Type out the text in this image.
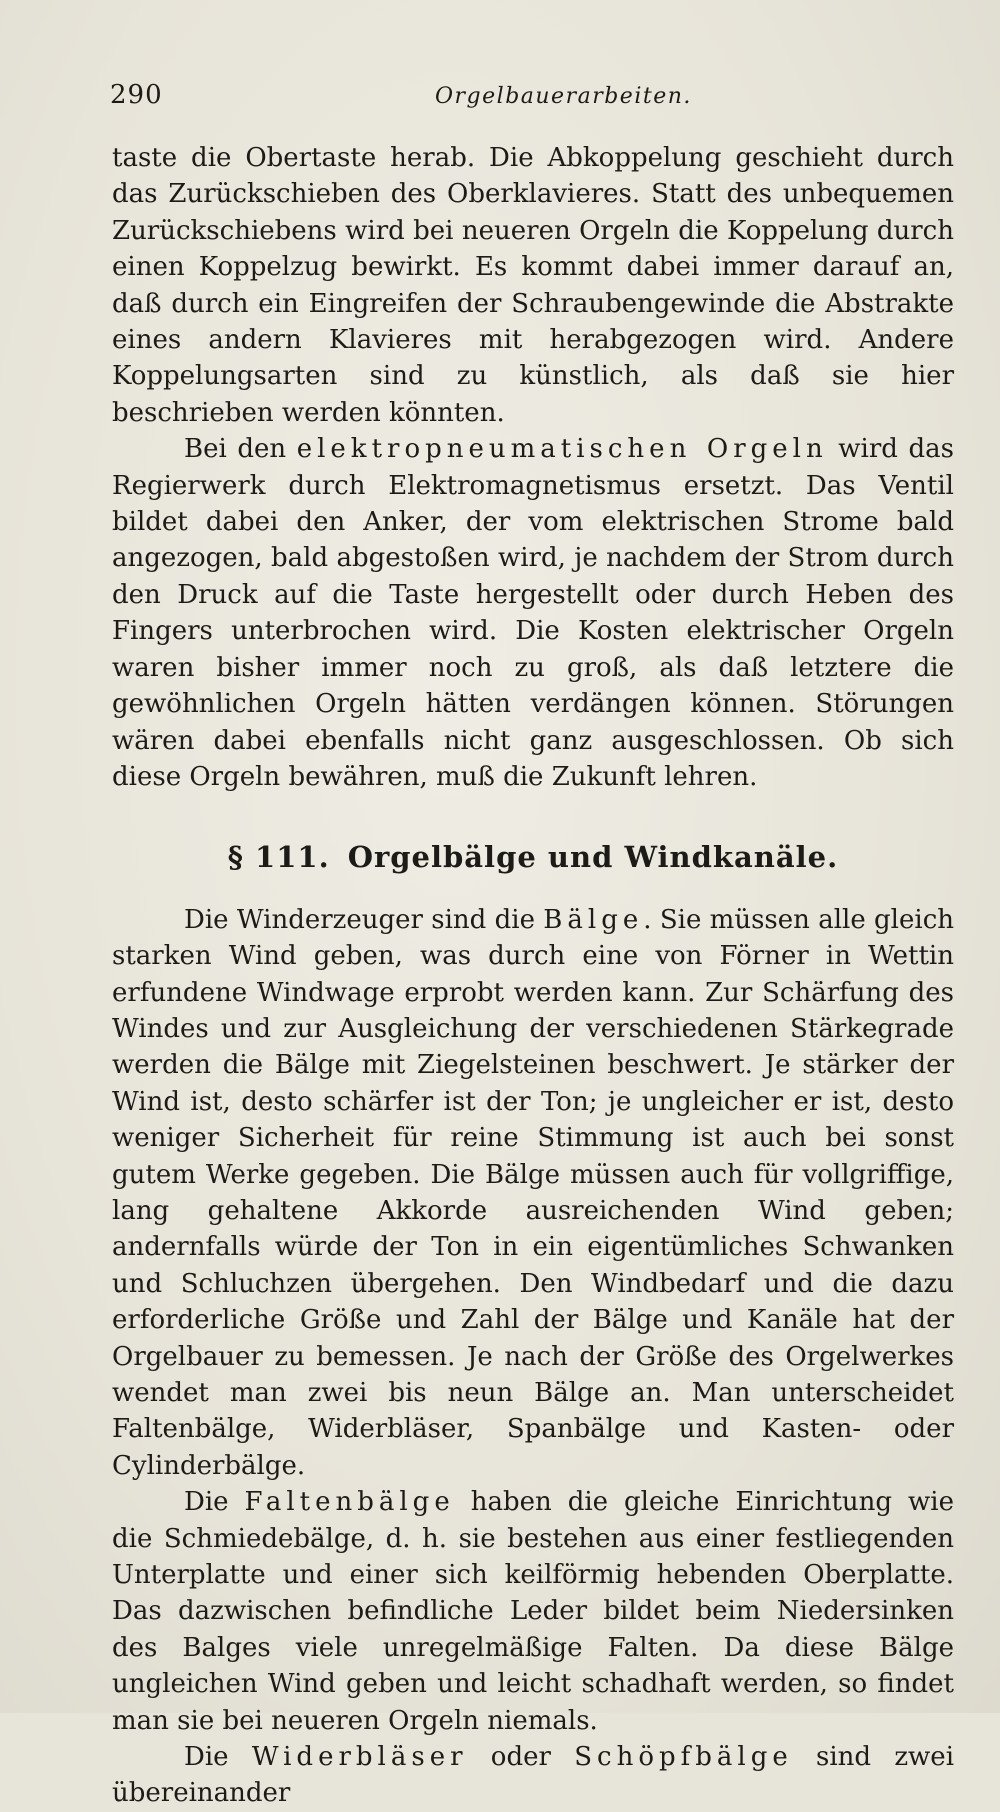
290	Orgelbauerarbeiten.

taste die Obertaste herab. Die Abkoppelung geschieht durch das Zurückschieben des Oberklavieres. Statt des unbequemen Zurückschiebens wird bei neueren Orgeln die Koppelung durch einen Koppelzug bewirkt. Es kommt dabei immer darauf an, daß durch ein Eingreifen der Schraubengewinde die Abstrakte eines andern Klavieres mit herabgezogen wird. Andere Koppelungsarten sind zu künstlich, als daß sie hier beschrieben werden könnten.

Bei den elektropneumatischen Orgeln wird das Regierwerk durch Elektromagnetismus ersetzt. Das Ventil bildet dabei den Anker, der vom elektrischen Strome bald angezogen, bald abgestoßen wird, je nachdem der Strom durch den Druck auf die Taste hergestellt oder durch Heben des Fingers unterbrochen wird. Die Kosten elektrischer Orgeln waren bisher immer noch zu groß, als daß letztere die gewöhnlichen Orgeln hätten verdängen können. Störungen wären dabei ebenfalls nicht ganz ausgeschlossen. Ob sich diese Orgeln bewähren, muß die Zukunft lehren.

§ 111. Orgelbälge und Windkanäle.

Die Winderzeuger sind die Bälge. Sie müssen alle gleich starken Wind geben, was durch eine von Förner in Wettin erfundene Windwage erprobt werden kann. Zur Schärfung des Windes und zur Ausgleichung der verschiedenen Stärkegrade werden die Bälge mit Ziegelsteinen beschwert. Je stärker der Wind ist, desto schärfer ist der Ton; je ungleicher er ist, desto weniger Sicherheit für reine Stimmung ist auch bei sonst gutem Werke gegeben. Die Bälge müssen auch für vollgriffige, lang gehaltene Akkorde ausreichenden Wind geben; andernfalls würde der Ton in ein eigentümliches Schwanken und Schluchzen übergehen. Den Windbedarf und die dazu erforderliche Größe und Zahl der Bälge und Kanäle hat der Orgelbauer zu bemessen. Je nach der Größe des Orgelwerkes wendet man zwei bis neun Bälge an. Man unterscheidet Faltenbälge, Widerbläser, Spanbälge und Kasten- oder Cylinderbälge.

Die Faltenbälge haben die gleiche Einrichtung wie die Schmiedebälge, d. h. sie bestehen aus einer festliegenden Unterplatte und einer sich keilförmig hebenden Oberplatte. Das dazwischen befindliche Leder bildet beim Niedersinken des Balges viele unregelmäßige Falten. Da diese Bälge ungleichen Wind geben und leicht schadhaft werden, so findet man sie bei neueren Orgeln niemals.

Die Widerbläser oder Schöpfbälge sind zwei übereinander
